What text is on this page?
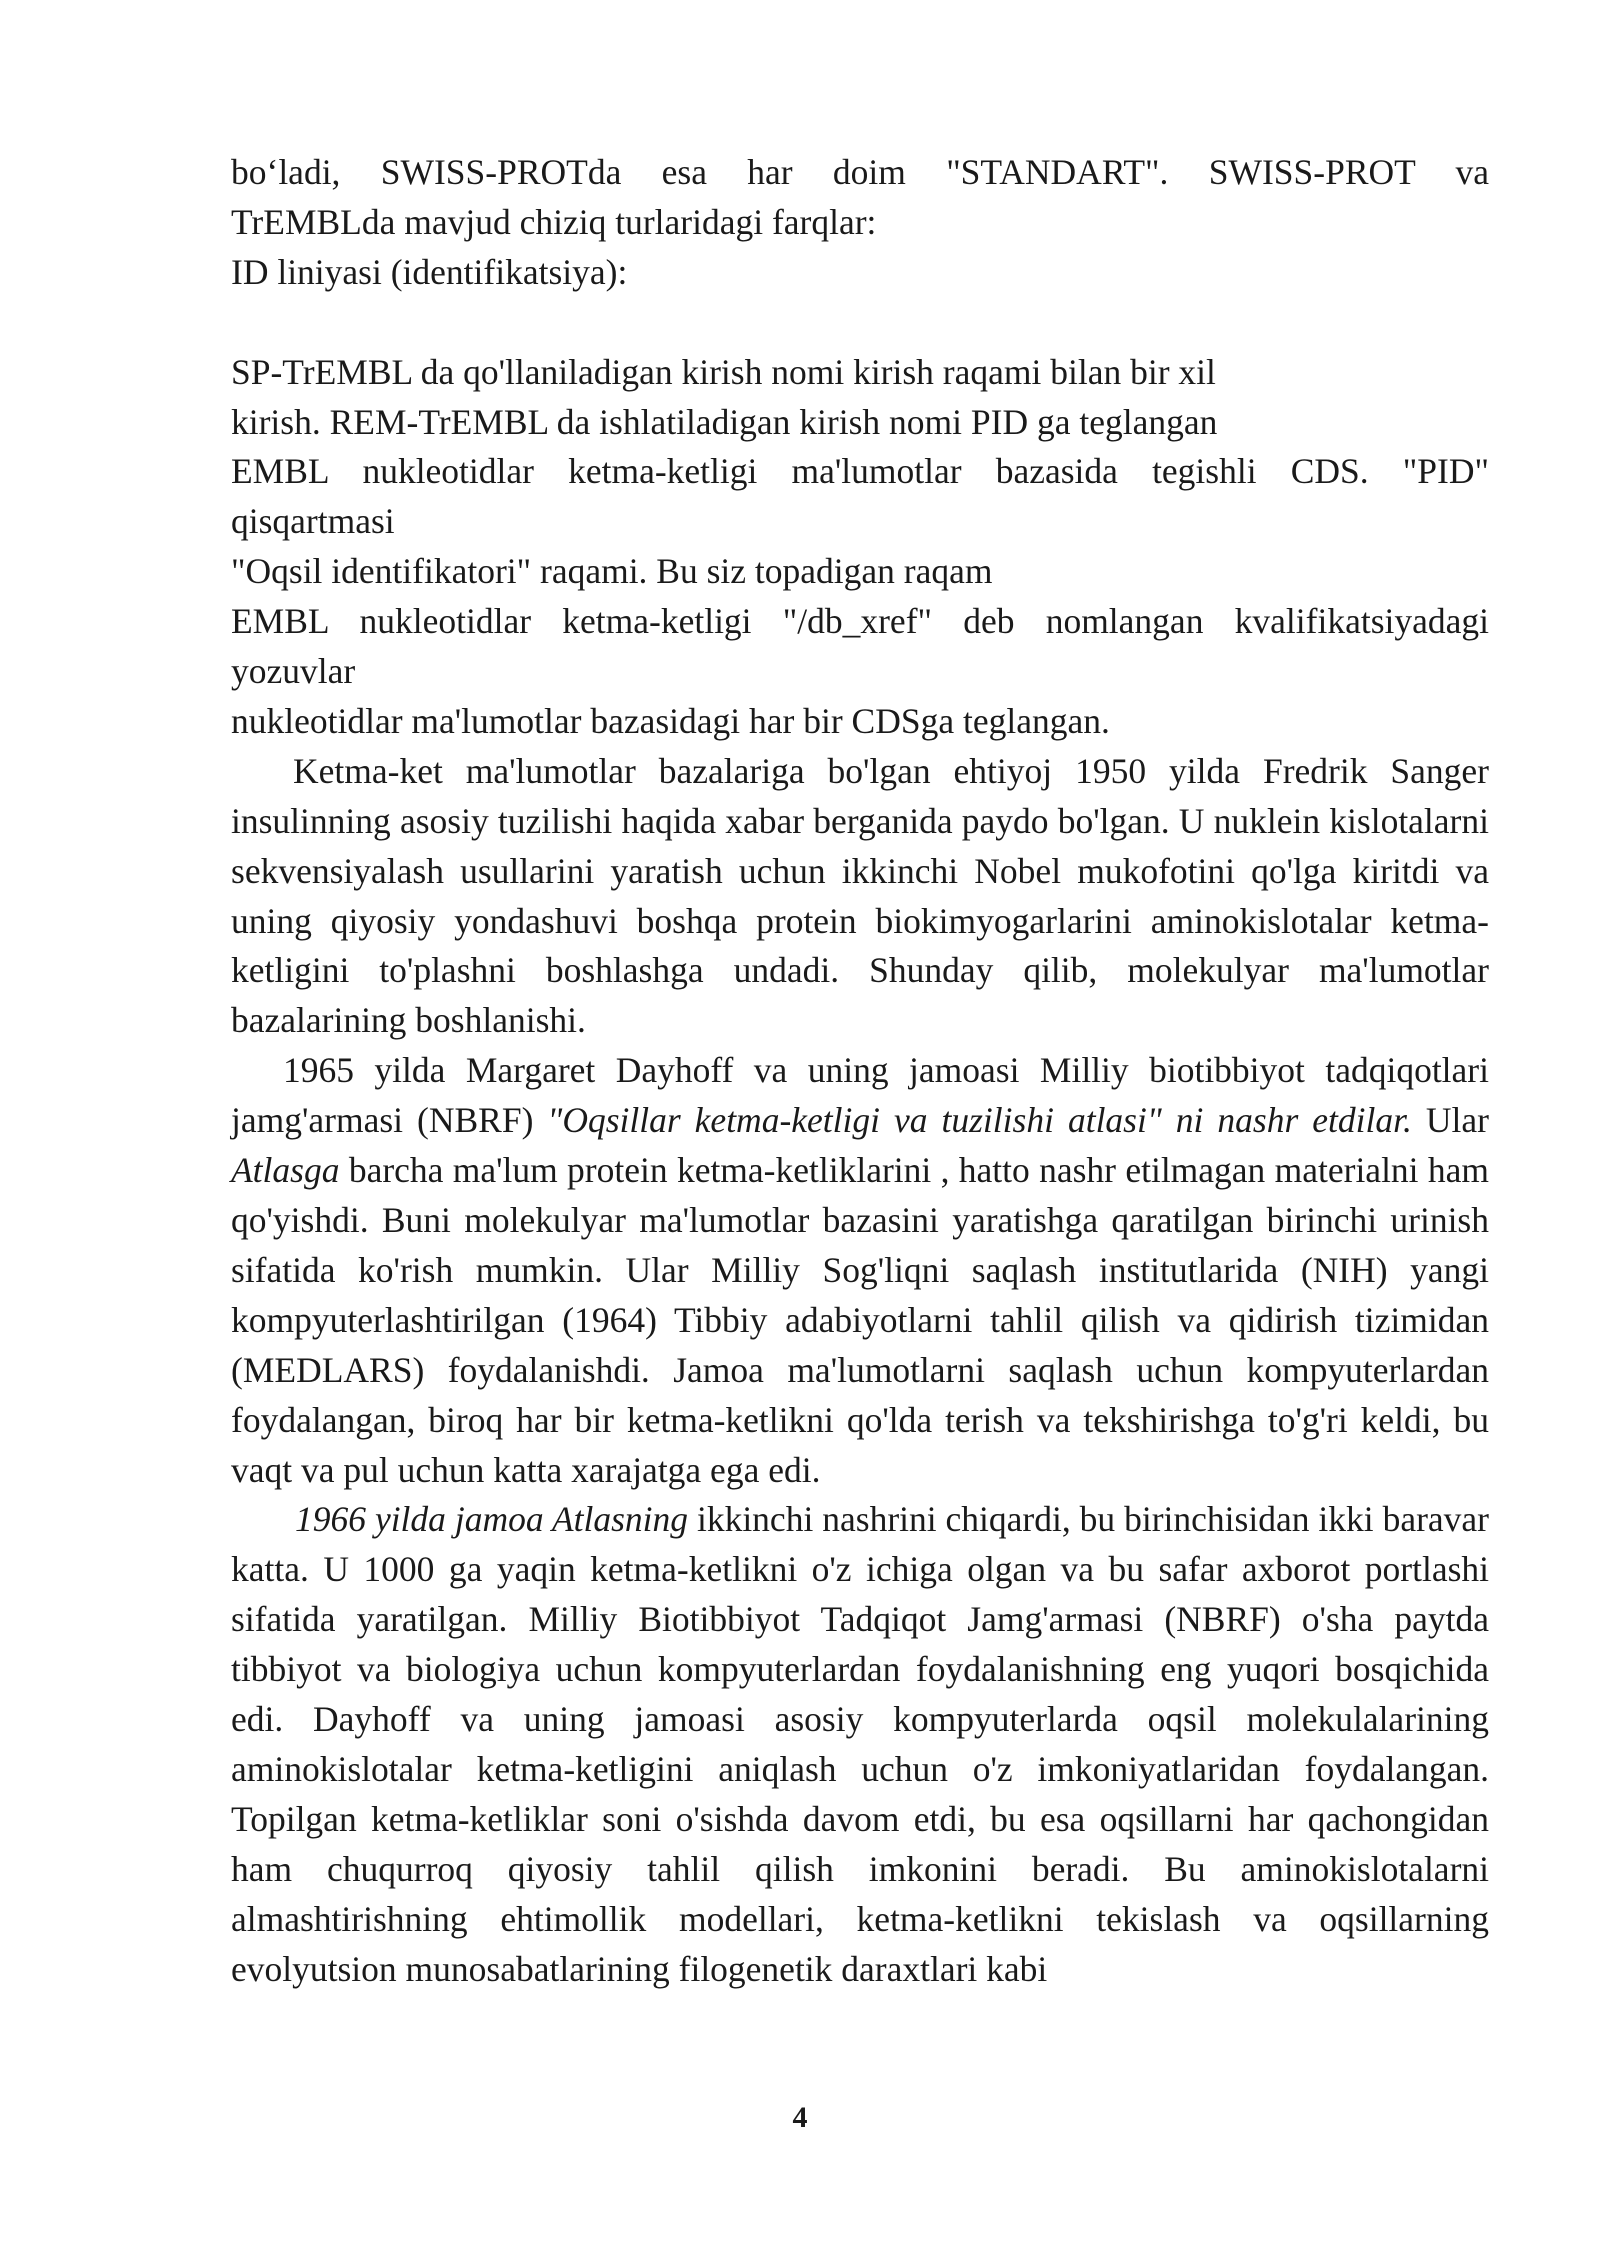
bo‘ladi, SWISS-PROTda esa har doim "STANDART". SWISS-PROT va
TrEMBLda mavjud chiziq turlaridagi farqlar:
ID liniyasi (identifikatsiya):
SP-TrEMBL da qo'llaniladigan kirish nomi kirish raqami bilan bir xil
kirish. REM-TrEMBL da ishlatiladigan kirish nomi PID ga teglangan
EMBL nukleotidlar ketma-ketligi ma'lumotlar bazasida tegishli CDS. "PID"
qisqartmasi
"Oqsil identifikatori" raqami. Bu siz topadigan raqam
EMBL nukleotidlar ketma-ketligi "/db_xref" deb nomlangan kvalifikatsiyadagi
yozuvlar
nukleotidlar ma'lumotlar bazasidagi har bir CDSga teglangan.

Ketma-ket ma'lumotlar bazalariga bo'lgan ehtiyoj 1950 yilda Fredrik Sanger insulinning asosiy tuzilishi haqida xabar berganida paydo bo'lgan. U nuklein kislotalarni sekvensiyalash usullarini yaratish uchun ikkinchi Nobel mukofotini qo'lga kiritdi va uning qiyosiy yondashuvi boshqa protein biokimyogarlarini aminokislotalar ketma-ketligini to'plashni boshlashga undadi. Shunday qilib, molekulyar ma'lumotlar bazalarining boshlanishi.

1965 yilda Margaret Dayhoff va uning jamoasi Milliy biotibbiyot tadqiqotlari jamg'armasi (NBRF) "Oqsillar ketma-ketligi va tuzilishi atlasi" ni nashr etdilar. Ular Atlasga barcha ma'lum protein ketma-ketliklarini , hatto nashr etilmagan materialni ham qo'yishdi. Buni molekulyar ma'lumotlar bazasini yaratishga qaratilgan birinchi urinish sifatida ko'rish mumkin. Ular Milliy Sog'liqni saqlash institutlarida (NIH) yangi kompyuterlashtirilgan (1964) Tibbiy adabiyotlarni tahlil qilish va qidirish tizimidan (MEDLARS) foydalanishdi. Jamoa ma'lumotlarni saqlash uchun kompyuterlardan foydalangan, biroq har bir ketma-ketlikni qo'lda terish va tekshirishga to'g'ri keldi, bu vaqt va pul uchun katta xarajatga ega edi.

1966 yilda jamoa Atlasning ikkinchi nashrini chiqardi, bu birinchisidan ikki baravar katta. U 1000 ga yaqin ketma-ketlikni o'z ichiga olgan va bu safar axborot portlashi sifatida yaratilgan. Milliy Biotibbiyot Tadqiqot Jamg'armasi (NBRF) o'sha paytda tibbiyot va biologiya uchun kompyuterlardan foydalanishning eng yuqori bosqichida edi. Dayhoff va uning jamoasi asosiy kompyuterlarda oqsil molekulalarining aminokislotalar ketma-ketligini aniqlash uchun o'z imkoniyatlaridan foydalangan. Topilgan ketma-ketliklar soni o'sishda davom etdi, bu esa oqsillarni har qachongidan ham chuqurroq qiyosiy tahlil qilish imkonini beradi. Bu aminokislotalarni almashtirishning ehtimollik modellari, ketma-ketlikni tekislash va oqsillarning evolyutsion munosabatlarining filogenetik daraxtlari kabi

4
